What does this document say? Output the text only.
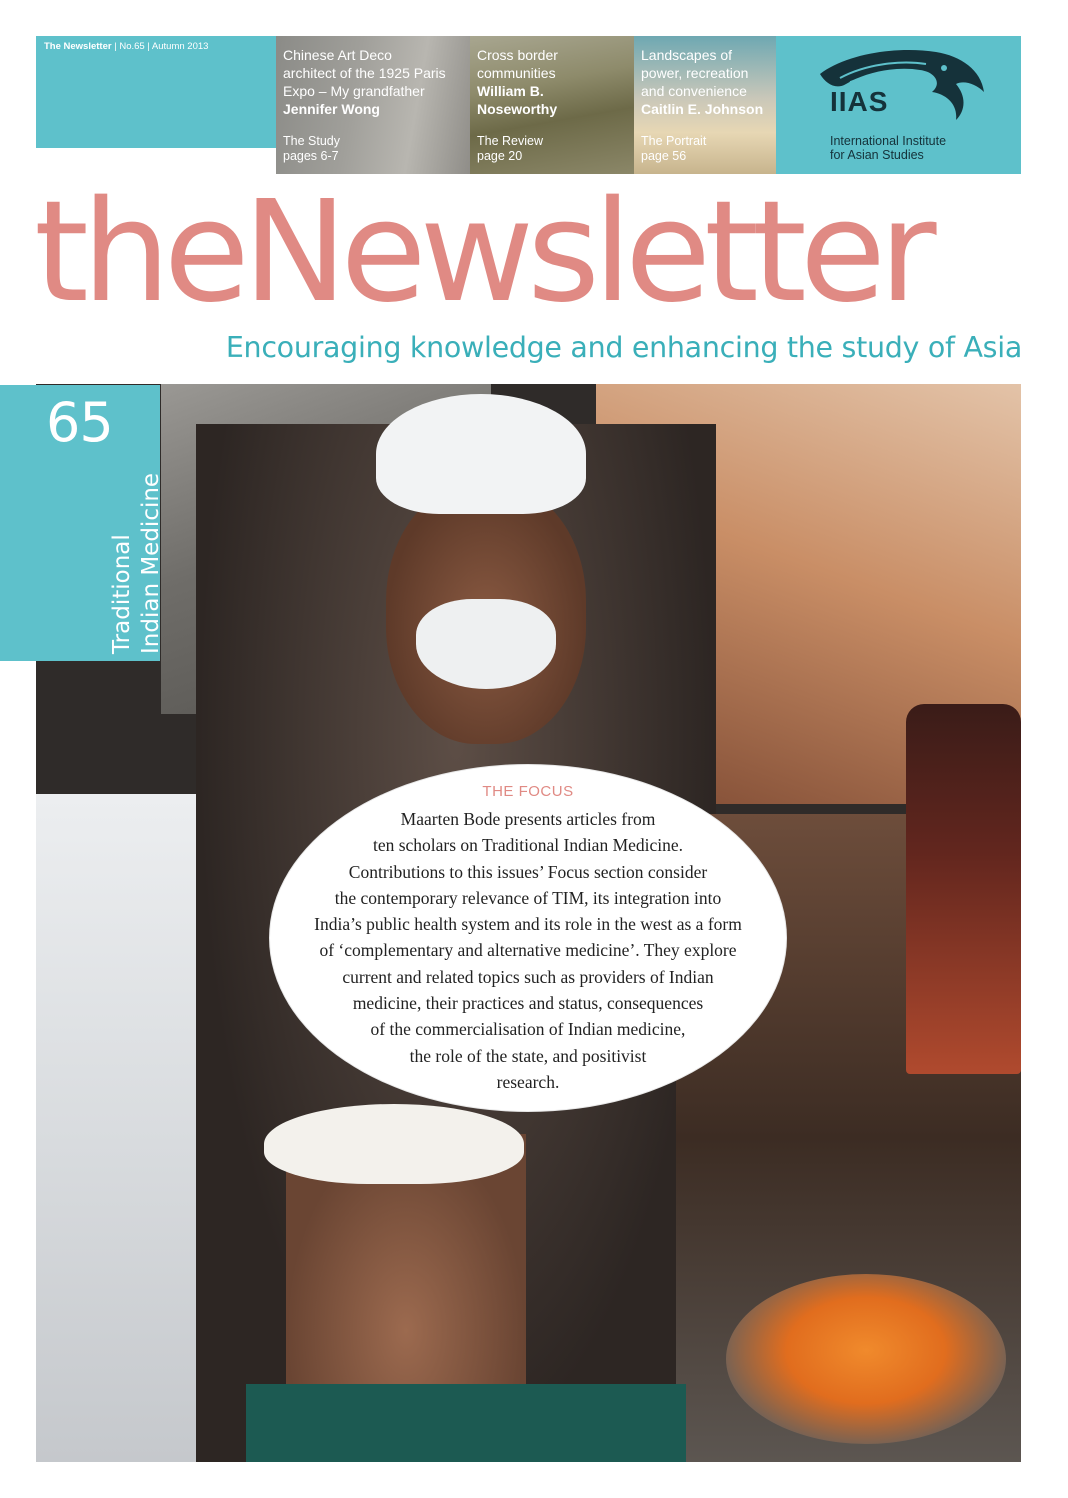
The Newsletter | No.65 | Autumn 2013
Chinese Art Deco
architect of the 1925 Paris
Expo – My grandfather
Jennifer Wong
The Study
pages 6-7
Cross border
communities
William B.
Noseworthy
The Review
page 20
Landscapes of
power, recreation
and convenience
Caitlin E. Johnson
The Portrait
page 56
IIAS
International Institute
for Asian Studies
theNewsletter
Encouraging knowledge and enhancing the study of Asia
65
Traditional Indian Medicine
THE FOCUS
Maarten Bode presents articles from
ten scholars on Traditional Indian Medicine.
Contributions to this issues’ Focus section consider
the contemporary relevance of TIM, its integration into
India’s public health system and its role in the west as a form
of ‘complementary and alternative medicine’. They explore
current and related topics such as providers of Indian
medicine, their practices and status, consequences
of the commercialisation of Indian medicine,
the role of the state, and positivist
research.
